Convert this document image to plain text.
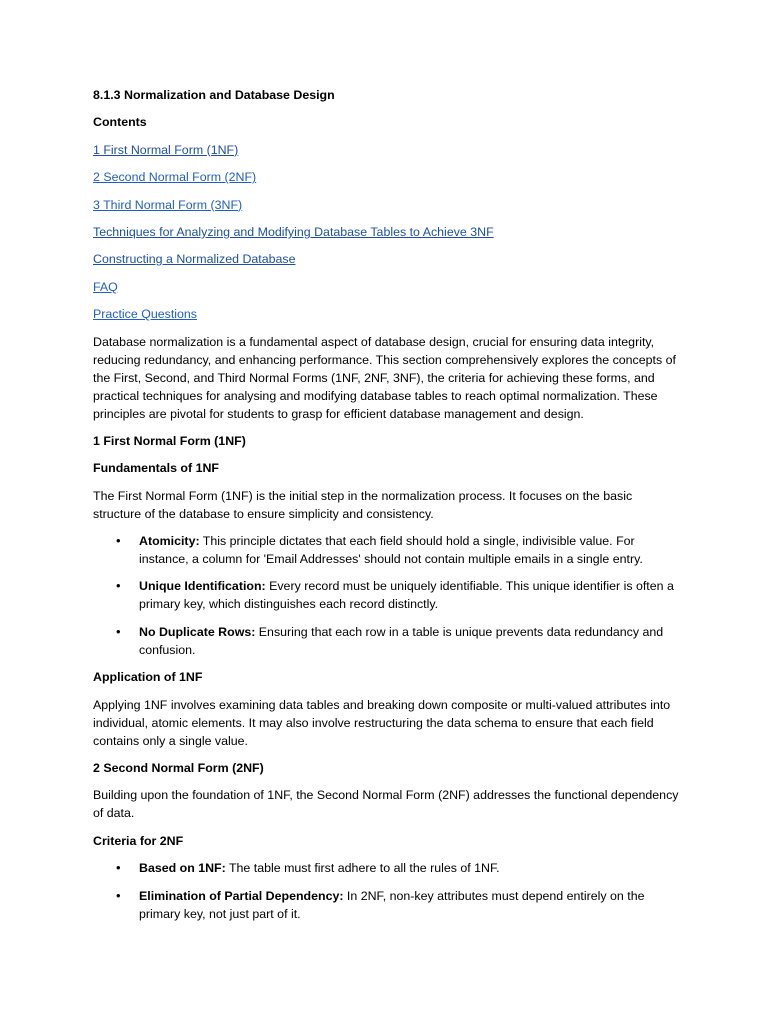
8.1.3 Normalization and Database Design
Contents
1 First Normal Form (1NF)
2 Second Normal Form (2NF)
3 Third Normal Form (3NF)
Techniques for Analyzing and Modifying Database Tables to Achieve 3NF
Constructing a Normalized Database
FAQ
Practice Questions
Database normalization is a fundamental aspect of database design, crucial for ensuring data integrity, reducing redundancy, and enhancing performance. This section comprehensively explores the concepts of the First, Second, and Third Normal Forms (1NF, 2NF, 3NF), the criteria for achieving these forms, and practical techniques for analysing and modifying database tables to reach optimal normalization. These principles are pivotal for students to grasp for efficient database management and design.
1 First Normal Form (1NF)
Fundamentals of 1NF
The First Normal Form (1NF) is the initial step in the normalization process. It focuses on the basic structure of the database to ensure simplicity and consistency.
• Atomicity: This principle dictates that each field should hold a single, indivisible value. For instance, a column for 'Email Addresses' should not contain multiple emails in a single entry.
• Unique Identification: Every record must be uniquely identifiable. This unique identifier is often a primary key, which distinguishes each record distinctly.
• No Duplicate Rows: Ensuring that each row in a table is unique prevents data redundancy and confusion.
Application of 1NF
Applying 1NF involves examining data tables and breaking down composite or multi-valued attributes into individual, atomic elements. It may also involve restructuring the data schema to ensure that each field contains only a single value.
2 Second Normal Form (2NF)
Building upon the foundation of 1NF, the Second Normal Form (2NF) addresses the functional dependency of data.
Criteria for 2NF
• Based on 1NF: The table must first adhere to all the rules of 1NF.
• Elimination of Partial Dependency: In 2NF, non-key attributes must depend entirely on the primary key, not just part of it.
